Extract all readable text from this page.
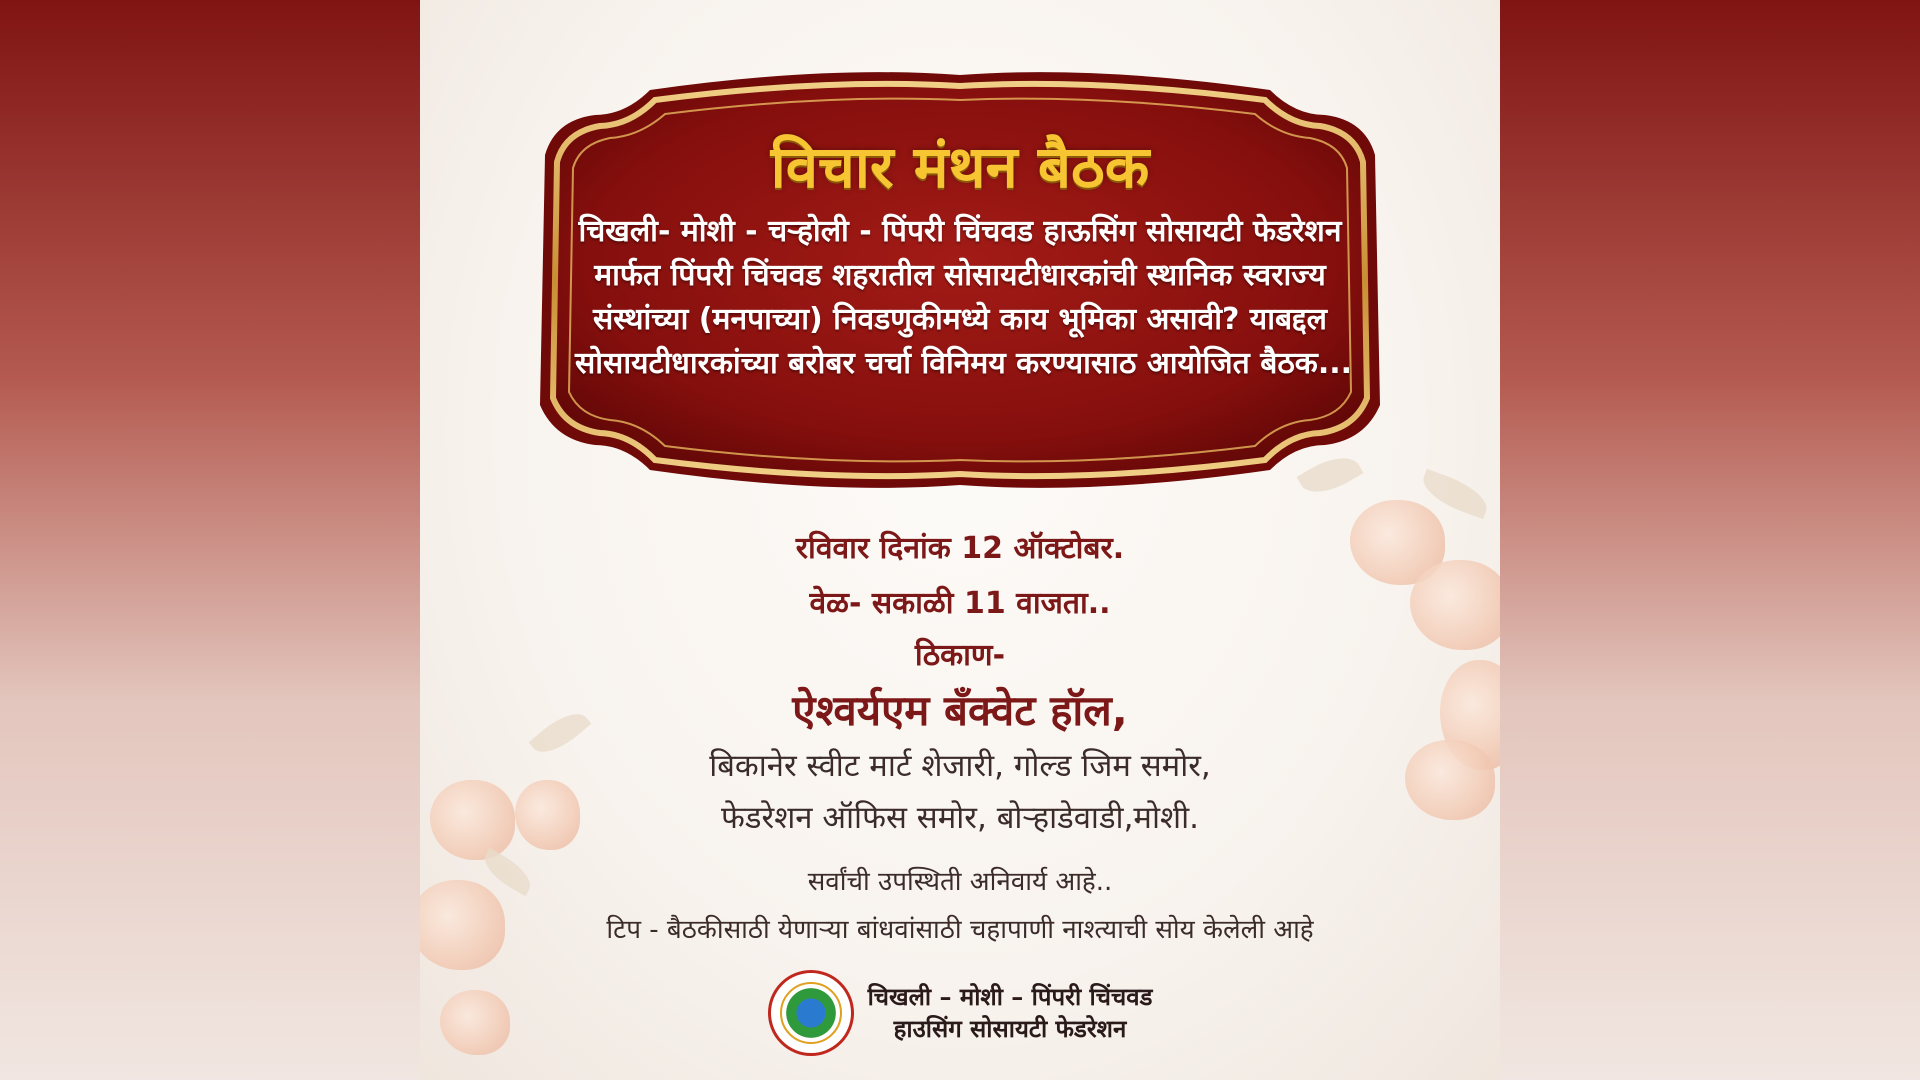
विचार मंथन बैठक
चिखली- मोशी - चऱ्होली - पिंपरी चिंचवड हाऊसिंग सोसायटी फेडरेशन
मार्फत पिंपरी चिंचवड शहरातील सोसायटीधारकांची स्थानिक स्वराज्य
संस्थांच्या (मनपाच्या) निवडणुकीमध्ये काय भूमिका असावी? याबद्दल
सोसायटीधारकांच्या बरोबर चर्चा विनिमय करण्यासाठ आयोजित बैठक...
रविवार दिनांक 12 ऑक्टोबर.
वेळ- सकाळी 11 वाजता..
ठिकाण-
ऐश्वर्यएम बँक्वेट हॉल,
बिकानेर स्वीट मार्ट शेजारी, गोल्ड जिम समोर,
फेडरेशन ऑफिस समोर, बोऱ्हाडेवाडी,मोशी.
सर्वांची उपस्थिती अनिवार्य आहे..
टिप - बैठकीसाठी येणाऱ्या बांधवांसाठी चहापाणी नाश्त्याची सोय केलेली आहे
चिखली – मोशी – पिंपरी चिंचवड
हाउसिंग सोसायटी फेडरेशन
